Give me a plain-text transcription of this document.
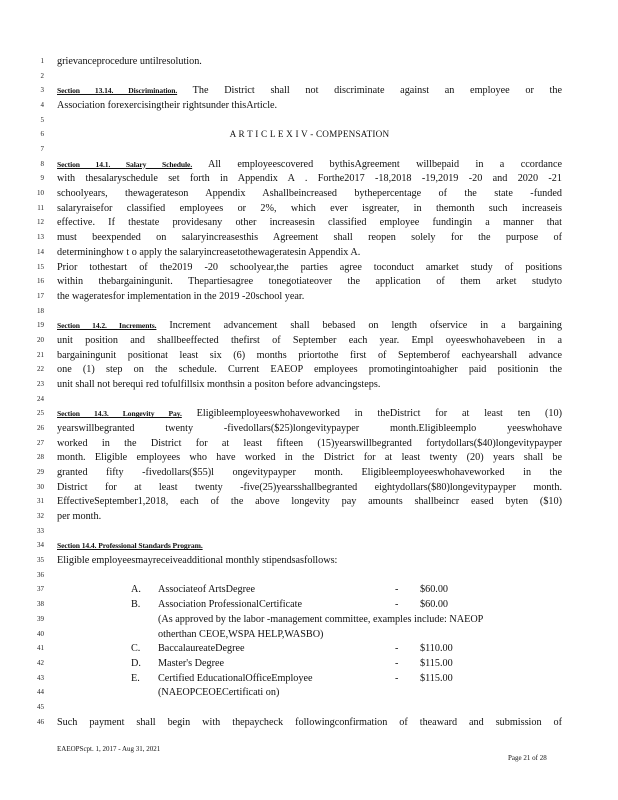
1 grievanceprocedure untilresolution.
2
3 Section 13.14. Discrimination. The District shall not discriminate against an employee or the
4 Association forexercisingtheir rightsunder thisArticle.
5
6	A R T I C L E X I V - COMPENSATION
7
8 Section 14.1. Salary Schedule. All employeescovered bythisAgreement willbepaid in a ccordance
9 with thesalaryschedule set forth in Appendix A . Forthe2017 -18,2018 -19,2019 -20 and 2020 -21
10 schoolyears, thewagerateson Appendix Ashallbeincreased bythepercentage of the state -funded
11 salaryraisefor classified employees or 2%, which ever isgreater, in themonth such increaseis
12 effective. If thestate providesany other increasesin classified employee fundingin a manner that
13 must beexpended on salaryincreasesthis Agreement shall reopen solely for the purpose of
14 determininghow t o apply the salaryincreasetothewageratesin Appendix A.
15 Prior tothestart of the2019 -20 schoolyear,the parties agree toconduct amarket study of positions
16 within thebargainingunit. Thepartiesagree tonegotiateover the application of them arket studyto
17 the wageratesfor implementation in the 2019 -20school year.
18
19 Section 14.2. Increments. Increment advancement shall bebased on length ofservice in a bargaining
20 unit position and shallbeeffected thefirst of September each year. Empl oyeeswhohavebeen in a
21 bargainingunit positionat least six (6) months priortothe first of Septemberof eachyearshall advance
22 one (1) step on the schedule. Current EAEOP employees promotingintoahigher paid positionin the
23 unit shall not berequi red tofulfillsix monthsin a positon before advancingsteps.
24
25 Section 14.3. Longevity Pay. Eligibleemployeeswhohaveworked in theDistrict for at least ten (10)
26 yearswillbegranted twenty -fivedollars($25)longevitypayper month.Eligibleemplo yeeswhohave
27 worked in the District for at least fifteen (15)yearswillbegranted fortydollars($40)longevitypayper
28 month. Eligible employees who have worked in the District for at least twenty (20) years shall be
29 granted fifty -fivedollars($55)l ongevitypayper month. Eligibleemployeeswhohaveworked in the
30 District for at least twenty -five(25)yearsshallbegranted eightydollars($80)longevitypayper month.
31 EffectiveSeptember1,2018, each of the above longevity pay amounts shallbeincr eased byten ($10)
32 per month.
33
34 Section 14.4. Professional Standards Program.
35 Eligible employeesmayreceiveadditional monthly stipendsasfollows:
36
37
38
39
40
41
42
43
44
45
46 Such payment shall begin with thepaycheck followingconfirmation of theaward and submission of
A. Associateof ArtsDegree	- $60.00
B. Association ProfessionalCertificate	- $60.00
(As approved by the labor -management committee, examples include: NAEOP
otherthan CEOE,WSPA HELP,WASBO)
C. BaccalaureateDegree	- $110.00
D. Master's Degree	- $115.00
E. Certified EducationalOfficeEmployee	- $115.00
(NAEOPCEOECertificati on)
EAEOPScpt. 1, 2017 - Aug 31, 2021
Page 21 of 28
